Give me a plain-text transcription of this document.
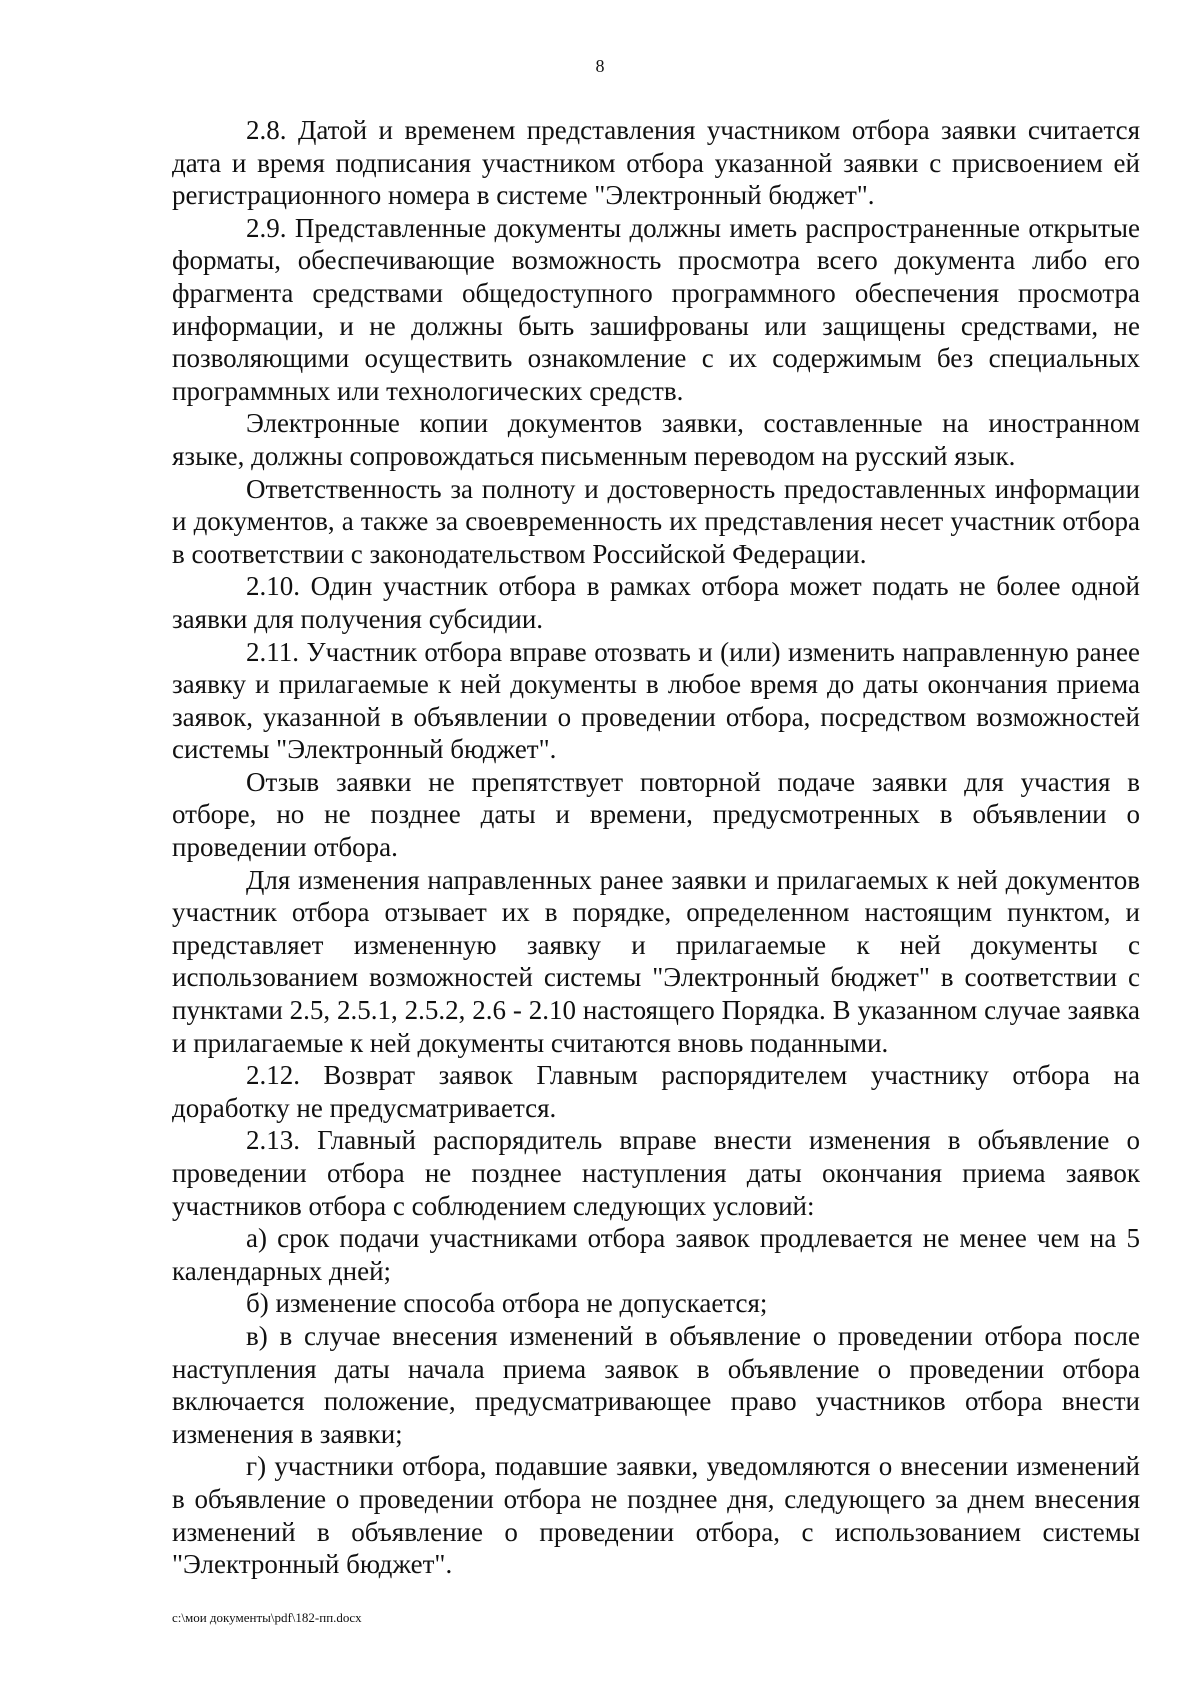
8

2.8. Датой и временем представления участником отбора заявки считается дата и время подписания участником отбора указанной заявки с присвоением ей регистрационного номера в системе "Электронный бюджет".

2.9. Представленные документы должны иметь распространенные открытые форматы, обеспечивающие возможность просмотра всего документа либо его фрагмента средствами общедоступного программного обеспечения просмотра информации, и не должны быть зашифрованы или защищены средствами, не позволяющими осуществить ознакомление с их содержимым без специальных программных или технологических средств.

Электронные копии документов заявки, составленные на иностранном языке, должны сопровождаться письменным переводом на русский язык.

Ответственность за полноту и достоверность предоставленных информации и документов, а также за своевременность их представления несет участник отбора в соответствии с законодательством Российской Федерации.

2.10. Один участник отбора в рамках отбора может подать не более одной заявки для получения субсидии.

2.11. Участник отбора вправе отозвать и (или) изменить направленную ранее заявку и прилагаемые к ней документы в любое время до даты окончания приема заявок, указанной в объявлении о проведении отбора, посредством возможностей системы "Электронный бюджет".

Отзыв заявки не препятствует повторной подаче заявки для участия в отборе, но не позднее даты и времени, предусмотренных в объявлении о проведении отбора.

Для изменения направленных ранее заявки и прилагаемых к ней документов участник отбора отзывает их в порядке, определенном настоящим пунктом, и представляет измененную заявку и прилагаемые к ней документы с использованием возможностей системы "Электронный бюджет" в соответствии с пунктами 2.5, 2.5.1, 2.5.2, 2.6 - 2.10 настоящего Порядка. В указанном случае заявка и прилагаемые к ней документы считаются вновь поданными.

2.12. Возврат заявок Главным распорядителем участнику отбора на доработку не предусматривается.

2.13. Главный распорядитель вправе внести изменения в объявление о проведении отбора не позднее наступления даты окончания приема заявок участников отбора с соблюдением следующих условий:

а) срок подачи участниками отбора заявок продлевается не менее чем на 5 календарных дней;

б) изменение способа отбора не допускается;

в) в случае внесения изменений в объявление о проведении отбора после наступления даты начала приема заявок в объявление о проведении отбора включается положение, предусматривающее право участников отбора внести изменения в заявки;

г) участники отбора, подавшие заявки, уведомляются о внесении изменений в объявление о проведении отбора не позднее дня, следующего за днем внесения изменений в объявление о проведении отбора, с использованием системы "Электронный бюджет".

c:\мои документы\pdf\182-пп.docx
